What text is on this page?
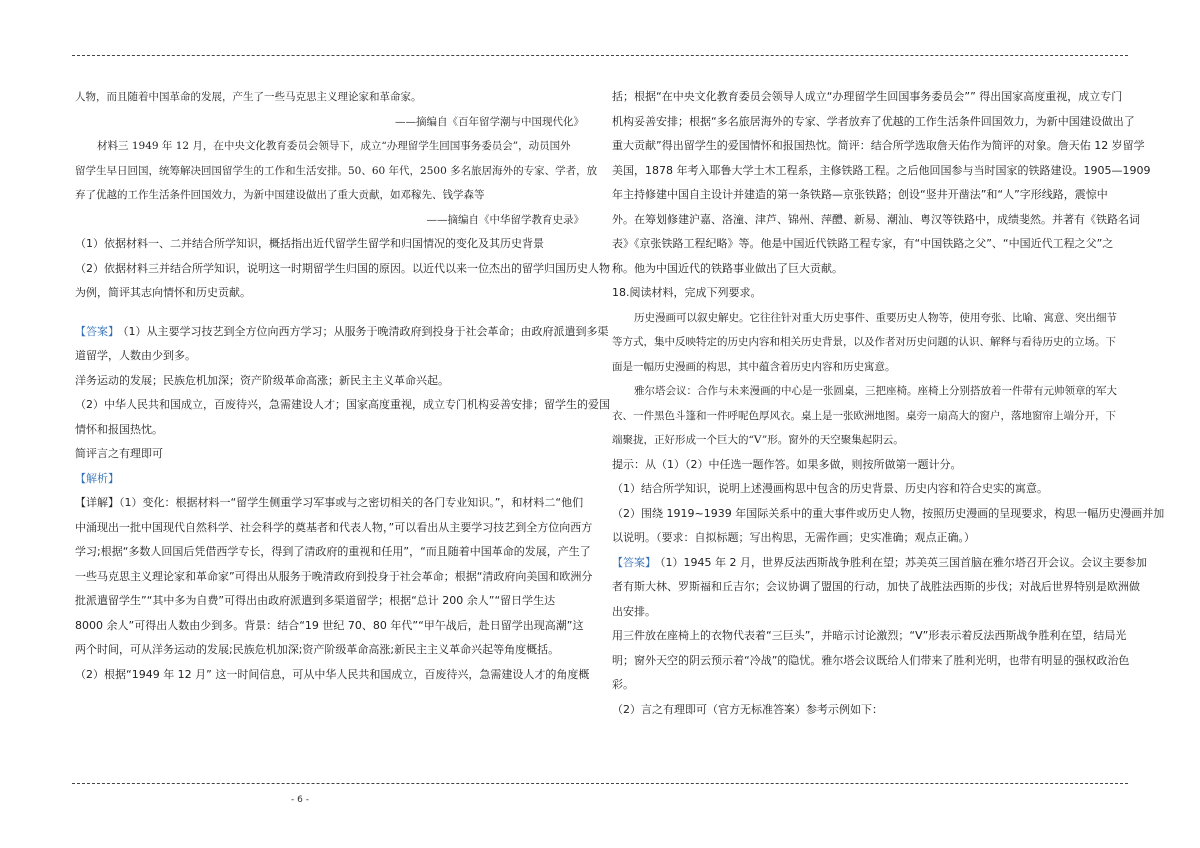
人物，而且随着中国革命的发展，产生了一些马克思主义理论家和革命家。

——摘编自《百年留学潮与中国现代化》

材料三 1949 年 12 月，在中央文化教育委员会领导下，成立“办理留学生回国事务委员会”，动员国外

留学生早日回国，统筹解决回国留学生的工作和生活安排。50、60 年代，2500 多名旅居海外的专家、学者，放

弃了优越的工作生活条件回国效力，为新中国建设做出了重大贡献，如邓稼先、钱学森等

——摘编自《中华留学教育史录》

（1）依据材料一、二并结合所学知识，概括指出近代留学生留学和归国情况的变化及其历史背景

（2）依据材料三并结合所学知识，说明这一时期留学生归国的原因。以近代以来一位杰出的留学归国历史人物

为例，简评其志向情怀和历史贡献。

【答案】 （1）从主要学习技艺到全方位向西方学习；从服务于晚清政府到投身于社会革命；由政府派遣到多渠

道留学，人数由少到多。

洋务运动的发展；民族危机加深；资产阶级革命高涨；新民主主义革命兴起。

（2）中华人民共和国成立，百废待兴，急需建设人才；国家高度重视，成立专门机构妥善安排；留学生的爱国

情怀和报国热忱。

简评言之有理即可

【解析】

【详解】（1）变化：根据材料一“留学生侧重学习军事或与之密切相关的各门专业知识。”，和材料二“他们

中涌现出一批中国现代自然科学、社会科学的奠基者和代表人物，”可以看出从主要学习技艺到全方位向西方

学习;根据“多数人回国后凭借西学专长，得到了清政府的重视和任用”，“而且随着中国革命的发展，产生了

一些马克思主义理论家和革命家”可得出从服务于晚清政府到投身于社会革命；根据“清政府向美国和欧洲分

批派遣留学生”“其中多为自费”可得出由政府派遣到多渠道留学；根据“总计 200 余人”“留日学生达

8000 余人”可得出人数由少到多。背景：结合“19 世纪 70、80 年代”“甲午战后，赴日留学出现高潮”这

两个时间，可从洋务运动的发展;民族危机加深;资产阶级革命高涨;新民主主义革命兴起等角度概括。

（2）根据“1949 年 12 月” 这一时间信息，可从中华人民共和国成立，百废待兴，急需建设人才的角度概

括；根据“在中央文化教育委员会领导人成立“办理留学生回国事务委员会”” 得出国家高度重视，成立专门

机构妥善安排；根据“多名旅居海外的专家、学者放弃了优越的工作生活条件回国效力，为新中国建设做出了

重大贡献”得出留学生的爱国情怀和报国热忱。简评：结合所学选取詹天佑作为简评的对象。詹天佑 12 岁留学

美国，1878 年考入耶鲁大学土木工程系，主修铁路工程。之后他回国参与当时国家的铁路建设。1905—1909

年主持修建中国自主设计并建造的第一条铁路—京张铁路；创设“竖井开凿法”和“人”字形线路，震惊中

外。在筹划修建沪嘉、洛潼、津芦、锦州、萍醴、新易、潮汕、粤汉等铁路中，成绩斐然。并著有《铁路名词

表》《京张铁路工程纪略》等。他是中国近代铁路工程专家，有“中国铁路之父”、“中国近代工程之父”之

称。他为中国近代的铁路事业做出了巨大贡献。

18.阅读材料，完成下列要求。

历史漫画可以叙史解史。它往往针对重大历史事件、重要历史人物等，使用夸张、比喻、寓意、突出细节

等方式，集中反映特定的历史内容和相关历史背景，以及作者对历史问题的认识、解释与看待历史的立场。下

面是一幅历史漫画的构思，其中蕴含着历史内容和历史寓意。

雅尔塔会议：合作与未来漫画的中心是一张圆桌，三把座椅。座椅上分别搭放着一件带有元帅领章的军大

衣、一件黑色斗篷和一件呼呢色厚风衣。桌上是一张欧洲地图。桌旁一扇高大的窗户，落地窗帘上端分开，下

端聚拢，正好形成一个巨大的“V”形。窗外的天空聚集起阴云。

提示：从（1）（2）中任选一题作答。如果多做，则按所做第一题计分。

（1）结合所学知识，说明上述漫画构思中包含的历史背景、历史内容和符合史实的寓意。

（2）围绕 1919~1939 年国际关系中的重大事件或历史人物，按照历史漫画的呈现要求，构思一幅历史漫画并加

以说明。（要求：自拟标题；写出构思，无需作画；史实准确；观点正确。）

【答案】 （1）1945 年 2 月，世界反法西斯战争胜利在望；苏美英三国首脑在雅尔塔召开会议。会议主要参加

者有斯大林、罗斯福和丘吉尔；会议协调了盟国的行动，加快了战胜法西斯的步伐；对战后世界特别是欧洲做

出安排。

用三件放在座椅上的衣物代表着“三巨头”，并暗示讨论激烈；“V”形表示着反法西斯战争胜利在望，结局光

明；窗外天空的阴云预示着“冷战”的隐忧。雅尔塔会议既给人们带来了胜利光明，也带有明显的强权政治色

彩。

（2）言之有理即可（官方无标准答案）参考示例如下：

- 6 -
